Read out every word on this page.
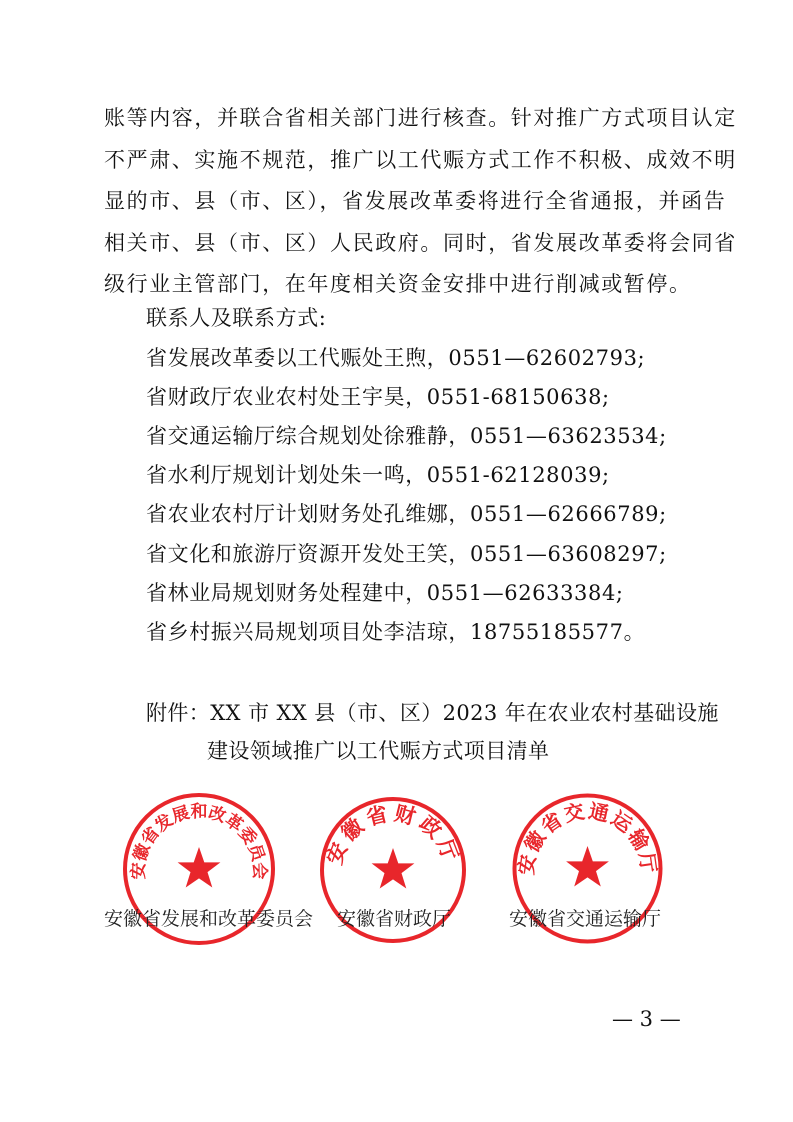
账等内容，并联合省相关部门进行核查。针对推广方式项目认定
不严肃、实施不规范，推广以工代赈方式工作不积极、成效不明
显的市、县（市、区），省发展改革委将进行全省通报，并函告
相关市、县（市、区）人民政府。同时，省发展改革委将会同省
级行业主管部门，在年度相关资金安排中进行削减或暂停。
联系人及联系方式:
省发展改革委以工代赈处王煦，0551—62602793;
省财政厅农业农村处王宇昊，0551-68150638;
省交通运输厅综合规划处徐雅静，0551—63623534;
省水利厅规划计划处朱一鸣，0551-62128039;
省农业农村厅计划财务处孔维娜，0551—62666789;
省文化和旅游厅资源开发处王笑，0551—63608297;
省林业局规划财务处程建中，0551—62633384;
省乡村振兴局规划项目处李洁琼，18755185577。
附件：XX 市 XX 县（市、区）2023 年在农业农村基础设施
建设领域推广以工代赈方式项目清单
安徽省发展和改革委员会
安徽省财政厅 安徽省交通运输厅
安徽省发展和改革委员会 安徽省财政厅	安徽省交通运输厅
— 3 —
